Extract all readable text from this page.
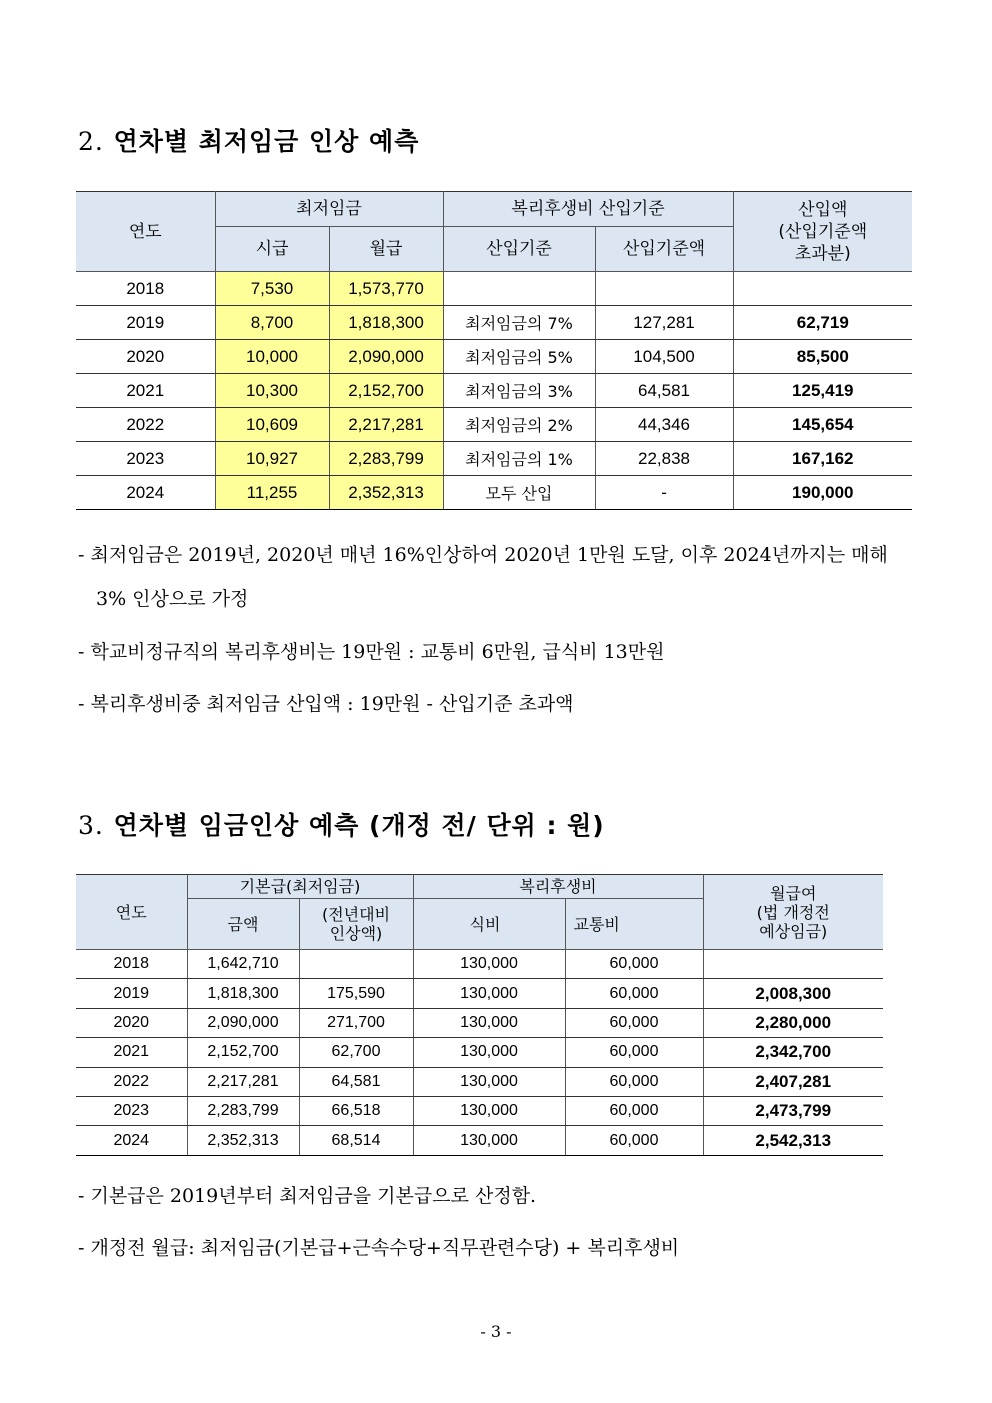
2. 연차별 최저임금 인상 예측
연도	최저임금		복리후생비 산입기준		산입액
(산입기준액
초과분)

	시급	월급	산입기준	산입기준액	
2018	7,530	1,573,770			
2019	8,700	1,818,300	최저임금의 7%	127,281	62,719
2020	10,000	2,090,000	최저임금의 5%	104,500	85,500
2021	10,300	2,152,700	최저임금의 3%	64,581	125,419
2022	10,609	2,217,281	최저임금의 2%	44,346	145,654
2023	10,927	2,283,799	최저임금의 1%	22,838	167,162
2024	11,255	2,352,313	모두 산입	-	190,000
- 최저임금은 2019년, 2020년 매년 16%인상하여 2020년 1만원 도달, 이후 2024년까지는 매해
3% 인상으로 가정
- 학교비정규직의 복리후생비는 19만원 : 교통비 6만원, 급식비 13만원
- 복리후생비중 최저임금 산입액 : 19만원 - 산입기준 초과액
3. 연차별 임금인상 예측 (개정 전/ 단위 : 원)
연도	기본급(최저임금)		복리후생비		월급여
(법 개정전
예상임금)

	금액	(전년대비
인상액)	식비	교통비	
2018	1,642,710		130,000	60,000	
2019	1,818,300	175,590	130,000	60,000	2,008,300
2020	2,090,000	271,700	130,000	60,000	2,280,000
2021	2,152,700	62,700	130,000	60,000	2,342,700
2022	2,217,281	64,581	130,000	60,000	2,407,281
2023	2,283,799	66,518	130,000	60,000	2,473,799
2024	2,352,313	68,514	130,000	60,000	2,542,313
- 기본급은 2019년부터 최저임금을 기본급으로 산정함.
- 개정전 월급: 최저임금(기본급+근속수당+직무관련수당) + 복리후생비
- 3 -
